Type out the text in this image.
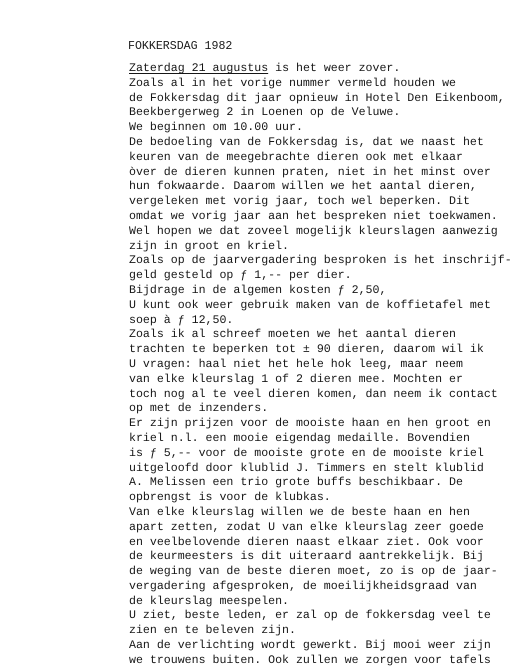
FOKKERSDAG 1982
Zaterdag 21 augustus is het weer zover.
Zoals al in het vorige nummer vermeld houden we
de Fokkersdag dit jaar opnieuw in Hotel Den Eikenboom,
Beekbergerweg 2 in Loenen op de Veluwe.
We beginnen om 10.00 uur.
De bedoeling van de Fokkersdag is, dat we naast het
keuren van de meegebrachte dieren ook met elkaar
òver de dieren kunnen praten, niet in het minst over
hun fokwaarde. Daarom willen we het aantal dieren,
vergeleken met vorig jaar, toch wel beperken. Dit
omdat we vorig jaar aan het bespreken niet toekwamen.
Wel hopen we dat zoveel mogelijk kleurslagen aanwezig
zijn in groot en kriel.
Zoals op de jaarvergadering besproken is het inschrijf-
geld gesteld op ƒ 1,-- per dier.
Bijdrage in de algemen kosten ƒ 2,50,
U kunt ook weer gebruik maken van de koffietafel met
soep à ƒ 12,50.
Zoals ik al schreef moeten we het aantal dieren
trachten te beperken tot ± 90 dieren, daarom wil ik
U vragen: haal niet het hele hok leeg, maar neem
van elke kleurslag 1 of 2 dieren mee. Mochten er
toch nog al te veel dieren komen, dan neem ik contact
op met de inzenders.
Er zijn prijzen voor de mooiste haan en hen groot en
kriel n.l. een mooie eigendag medaille. Bovendien
is ƒ 5,-- voor de mooiste grote en de mooiste kriel
uitgeloofd door klublid J. Timmers en stelt klublid
A. Melissen een trio grote buffs beschikbaar. De
opbrengst is voor de klubkas.
Van elke kleurslag willen we de beste haan en hen
apart zetten, zodat U van elke kleurslag zeer goede
en veelbelovende dieren naast elkaar ziet. Ook voor
de keurmeesters is dit uiteraard aantrekkelijk. Bij
de weging van de beste dieren moet, zo is op de jaar-
vergadering afgesproken, de moeilijkheidsgraad van
de kleurslag meespelen.
U ziet, beste leden, er zal op de fokkersdag veel te
zien en te beleven zijn.
Aan de verlichting wordt gewerkt. Bij mooi weer zijn
we trouwens buiten. Ook zullen we zorgen voor tafels
